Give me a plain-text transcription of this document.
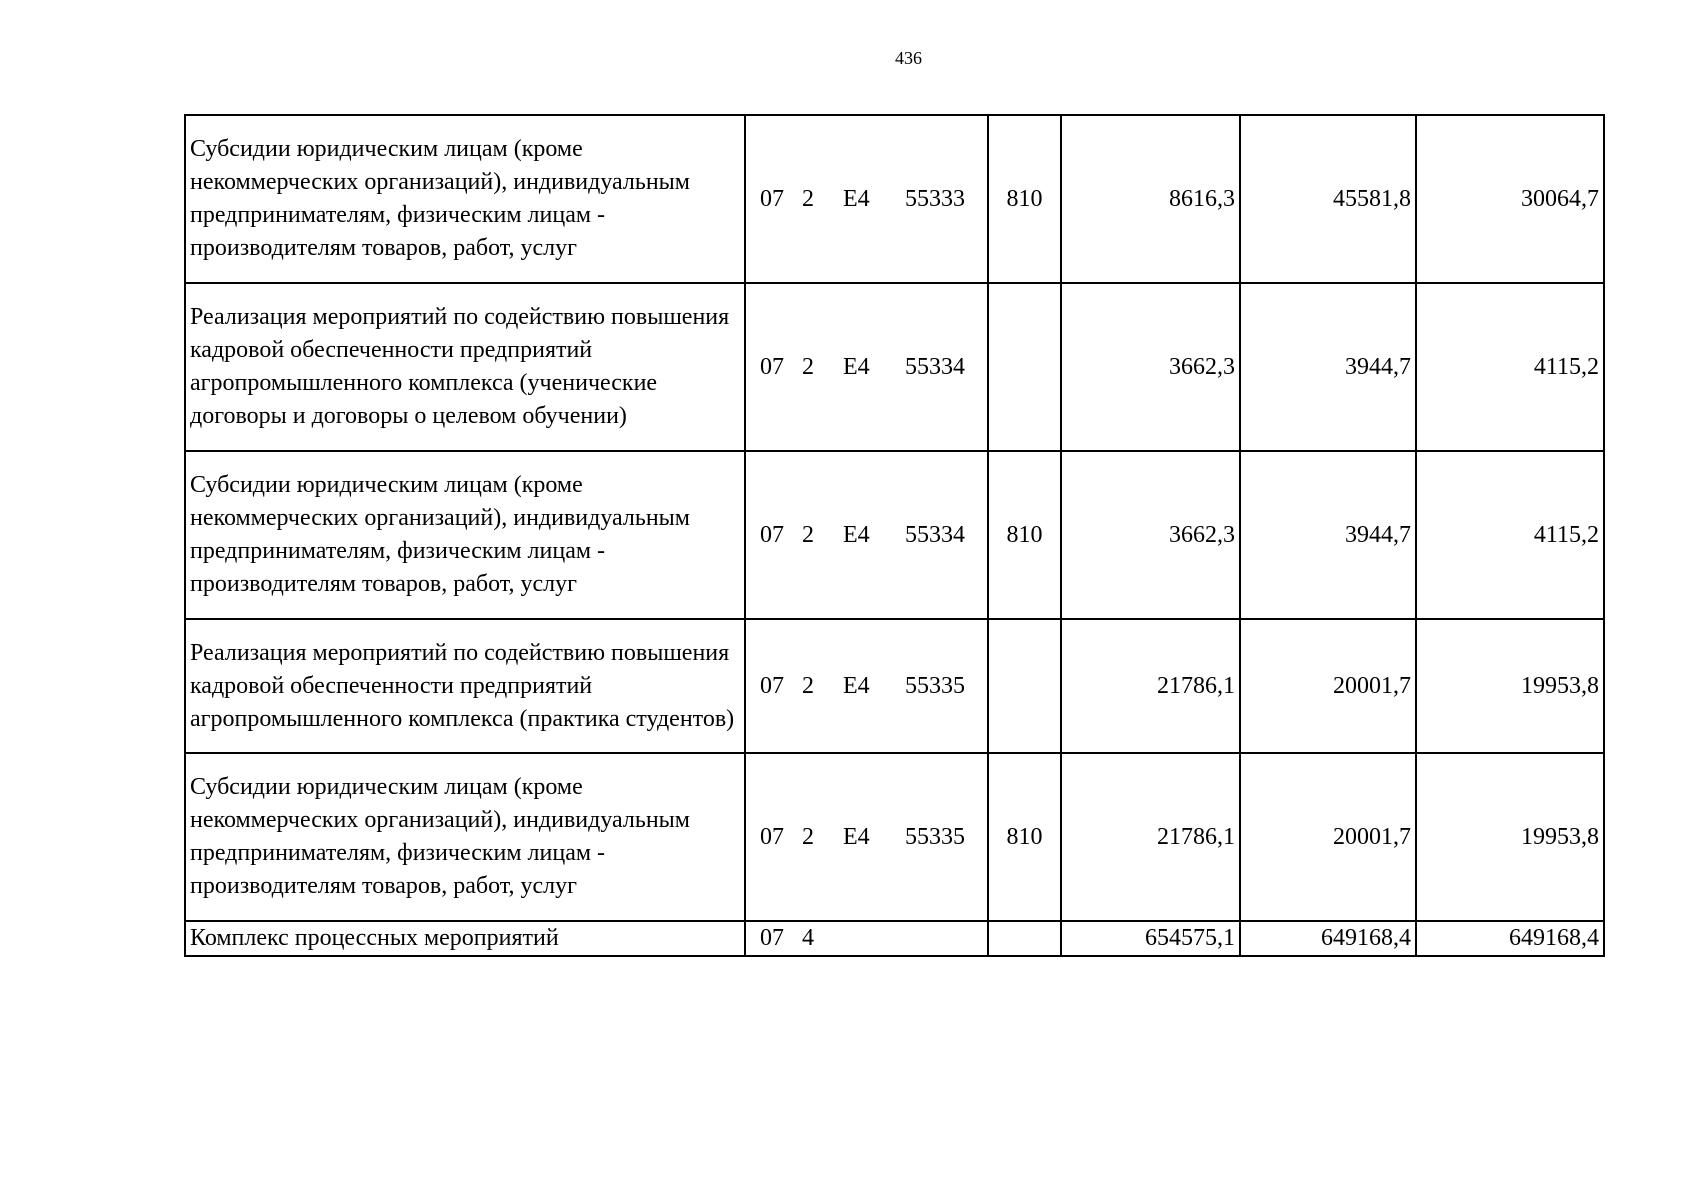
436
Субсидии юридическим лицам (кроме некоммерческих организаций), индивидуальным предпринимателям, физическим лицам - производителям товаров, работ, услуг	07 2 Е4 55333	810	8616,3	45581,8	30064,7
Реализация мероприятий по содействию повышения кадровой обеспеченности предприятий агропромышленного комплекса (ученические договоры и договоры о целевом обучении)	07 2 Е4 55334		3662,3	3944,7	4115,2
Субсидии юридическим лицам (кроме некоммерческих организаций), индивидуальным предпринимателям, физическим лицам - производителям товаров, работ, услуг	07 2 Е4 55334	810	3662,3	3944,7	4115,2
Реализация мероприятий по содействию повышения кадровой обеспеченности предприятий агропромышленного комплекса (практика студентов)	07 2 Е4 55335		21786,1	20001,7	19953,8
Субсидии юридическим лицам (кроме некоммерческих организаций), индивидуальным предпринимателям, физическим лицам - производителям товаров, работ, услуг	07 2 Е4 55335	810	21786,1	20001,7	19953,8
Комплекс процессных мероприятий	07 4		654575,1	649168,4	649168,4
